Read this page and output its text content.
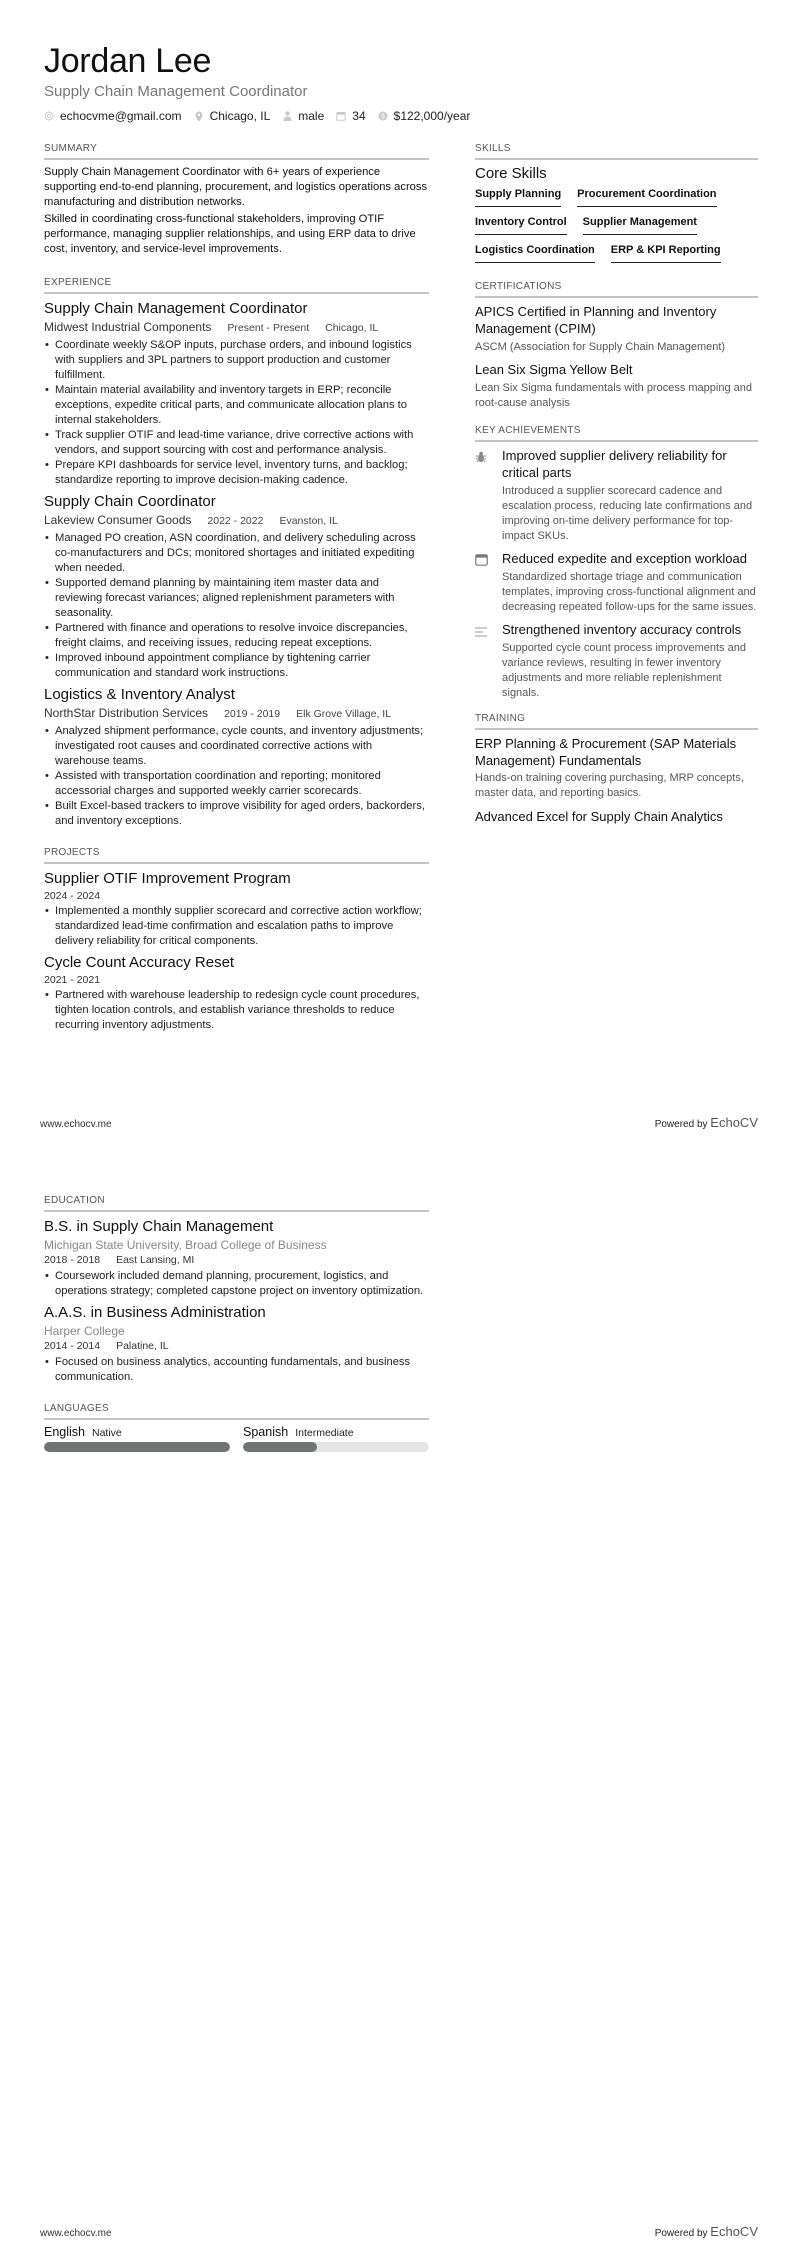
Jordan Lee
Supply Chain Management Coordinator
echocvme@gmail.com Chicago, IL male 34 $ $122,000/year
SUMMARY

Supply Chain Management Coordinator with 6+ years of experience supporting end-to-end planning, procurement, and logistics operations across manufacturing and distribution networks.

Skilled in coordinating cross-functional stakeholders, improving OTIF performance, managing supplier relationships, and using ERP data to drive cost, inventory, and service-level improvements.

EXPERIENCE
Supply Chain Management Coordinator
Midwest Industrial Components Present - Present Chicago, IL
• Coordinate weekly S&OP inputs, purchase orders, and inbound logistics with suppliers and 3PL partners to support production and customer fulfillment.
• Maintain material availability and inventory targets in ERP; reconcile exceptions, expedite critical parts, and communicate allocation plans to internal stakeholders.
• Track supplier OTIF and lead-time variance, drive corrective actions with vendors, and support sourcing with cost and performance analysis.
• Prepare KPI dashboards for service level, inventory turns, and backlog; standardize reporting to improve decision-making cadence.
Supply Chain Coordinator
Lakeview Consumer Goods 2022 - 2022 Evanston, IL
• Managed PO creation, ASN coordination, and delivery scheduling across co-manufacturers and DCs; monitored shortages and initiated expediting when needed.
• Supported demand planning by maintaining item master data and reviewing forecast variances; aligned replenishment parameters with seasonality.
• Partnered with finance and operations to resolve invoice discrepancies, freight claims, and receiving issues, reducing repeat exceptions.
• Improved inbound appointment compliance by tightening carrier communication and standard work instructions.
Logistics & Inventory Analyst
NorthStar Distribution Services 2019 - 2019 Elk Grove Village, IL
• Analyzed shipment performance, cycle counts, and inventory adjustments; investigated root causes and coordinated corrective actions with warehouse teams.
• Assisted with transportation coordination and reporting; monitored accessorial charges and supported weekly carrier scorecards.
• Built Excel-based trackers to improve visibility for aged orders, backorders, and inventory exceptions.
PROJECTS
Supplier OTIF Improvement Program
2024 - 2024
• Implemented a monthly supplier scorecard and corrective action workflow; standardized lead-time confirmation and escalation paths to improve delivery reliability for critical components.
Cycle Count Accuracy Reset
2021 - 2021
• Partnered with warehouse leadership to redesign cycle count procedures, tighten location controls, and establish variance thresholds to reduce recurring inventory adjustments.
SKILLS
Core Skills
Supply Planning Procurement Coordination
Inventory Control Supplier Management
Logistics Coordination ERP & KPI Reporting
CERTIFICATIONS
APICS Certified in Planning and Inventory Management (CPIM)
ASCM (Association for Supply Chain Management)
Lean Six Sigma Yellow Belt
Lean Six Sigma fundamentals with process mapping and root-cause analysis
KEY ACHIEVEMENTS
Improved supplier delivery reliability for critical parts
Introduced a supplier scorecard cadence and escalation process, reducing late confirmations and improving on-time delivery performance for top-impact SKUs.
Reduced expedite and exception workload
Standardized shortage triage and communication templates, improving cross-functional alignment and decreasing repeated follow-ups for the same issues.
Strengthened inventory accuracy controls
Supported cycle count process improvements and variance reviews, resulting in fewer inventory adjustments and more reliable replenishment signals.
TRAINING
ERP Planning & Procurement (SAP Materials Management) Fundamentals
Hands-on training covering purchasing, MRP concepts, master data, and reporting basics.
Advanced Excel for Supply Chain Analytics
www.echocv.me	Powered by EchoCV
EDUCATION
B.S. in Supply Chain Management
Michigan State University, Broad College of Business
2018 - 2018 East Lansing, MI
• Coursework included demand planning, procurement, logistics, and operations strategy; completed capstone project on inventory optimization.
A.A.S. in Business Administration
Harper College
2014 - 2014 Palatine, IL
• Focused on business analytics, accounting fundamentals, and business communication.
LANGUAGES
English Native	Spanish Intermediate
www.echocv.me	Powered by EchoCV
